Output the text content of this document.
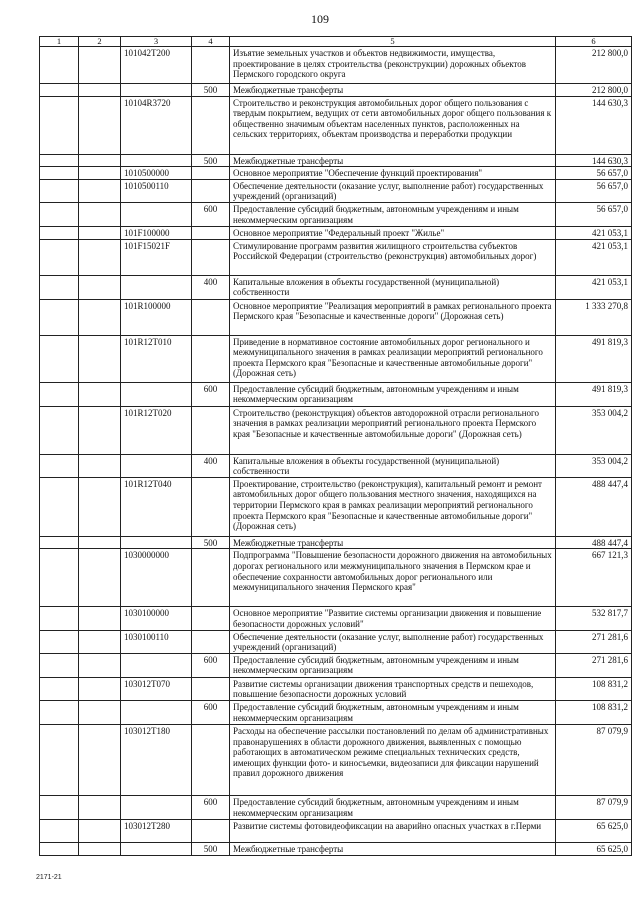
109
1	2	3	4	5	6
		101042Т200		Изъятие земельных участков и объектов недвижимости, имущества, проектирование в целях строительства (реконструкции) дорожных объектов Пермского городского округа	212 800,0
			500	Межбюджетные трансферты	212 800,0
		10104R3720		Строительство и реконструкция автомобильных дорог общего пользования с твердым покрытием, ведущих от сети автомобильных дорог общего пользования к общественно значимым объектам населенных пунктов, расположенных на сельских территориях, объектам производства и переработки продукции	144 630,3
			500	Межбюджетные трансферты	144 630,3
		1010500000		Основное мероприятие "Обеспечение функций проектирования"	56 657,0
		1010500110		Обеспечение деятельности (оказание услуг, выполнение работ) государственных учреждений (организаций)	56 657,0
			600	Предоставление субсидий бюджетным, автономным учреждениям и иным некоммерческим организациям	56 657,0
		101F100000		Основное мероприятие "Федеральный проект "Жилье"	421 053,1
		101F15021F		Стимулирование программ развития жилищного строительства субъектов Российской Федерации (строительство (реконструкция) автомобильных дорог)	421 053,1
			400	Капитальные вложения в объекты государственной (муниципальной) собственности	421 053,1
		101R100000		Основное мероприятие "Реализация мероприятий в рамках регионального проекта Пермского края "Безопасные и качественные дороги" (Дорожная сеть)	1 333 270,8
		101R12T010		Приведение в нормативное состояние автомобильных дорог регионального и межмуниципального значения в рамках реализации мероприятий регионального проекта Пермского края "Безопасные и качественные автомобильные дороги" (Дорожная сеть)	491 819,3
			600	Предоставление субсидий бюджетным, автономным учреждениям и иным некоммерческим организациям	491 819,3
		101R12T020		Строительство (реконструкция) объектов автодорожной отрасли регионального значения в рамках реализации мероприятий регионального проекта Пермского края "Безопасные и качественные автомобильные дороги" (Дорожная сеть)	353 004,2
			400	Капитальные вложения в объекты государственной (муниципальной) собственности	353 004,2
		101R12T040		Проектирование, строительство (реконструкция), капитальный ремонт и ремонт автомобильных дорог общего пользования местного значения, находящихся на территории Пермского края в рамках реализации мероприятий регионального проекта Пермского края "Безопасные и качественные автомобильные дороги" (Дорожная сеть)	488 447,4
			500	Межбюджетные трансферты	488 447,4
		1030000000		Подпрограмма "Повышение безопасности дорожного движения на автомобильных дорогах регионального или межмуниципального значения в Пермском крае и обеспечение сохранности автомобильных дорог регионального или межмуниципального значения Пермского края"	667 121,3
		1030100000		Основное мероприятие "Развитие системы организации движения и повышение безопасности дорожных условий"	532 817,7
		1030100110		Обеспечение деятельности (оказание услуг, выполнение работ) государственных учреждений (организаций)	271 281,6
			600	Предоставление субсидий бюджетным, автономным учреждениям и иным некоммерческим организациям	271 281,6
		103012Т070		Развитие системы организации движения транспортных средств и пешеходов, повышение безопасности дорожных условий	108 831,2
			600	Предоставление субсидий бюджетным, автономным учреждениям и иным некоммерческим организациям	108 831,2
		103012Т180		Расходы на обеспечение рассылки постановлений по делам об административных правонарушениях в области дорожного движения, выявленных с помощью работающих в автоматическом режиме специальных технических средств, имеющих функции фото- и киносъемки, видеозаписи для фиксации нарушений правил дорожного движения	87 079,9
			600	Предоставление субсидий бюджетным, автономным учреждениям и иным некоммерческим организациям	87 079,9
		103012Т280		Развитие системы фотовидеофиксации на аварийно опасных участках в г.Перми	65 625,0
			500	Межбюджетные трансферты	65 625,0
2171-21
